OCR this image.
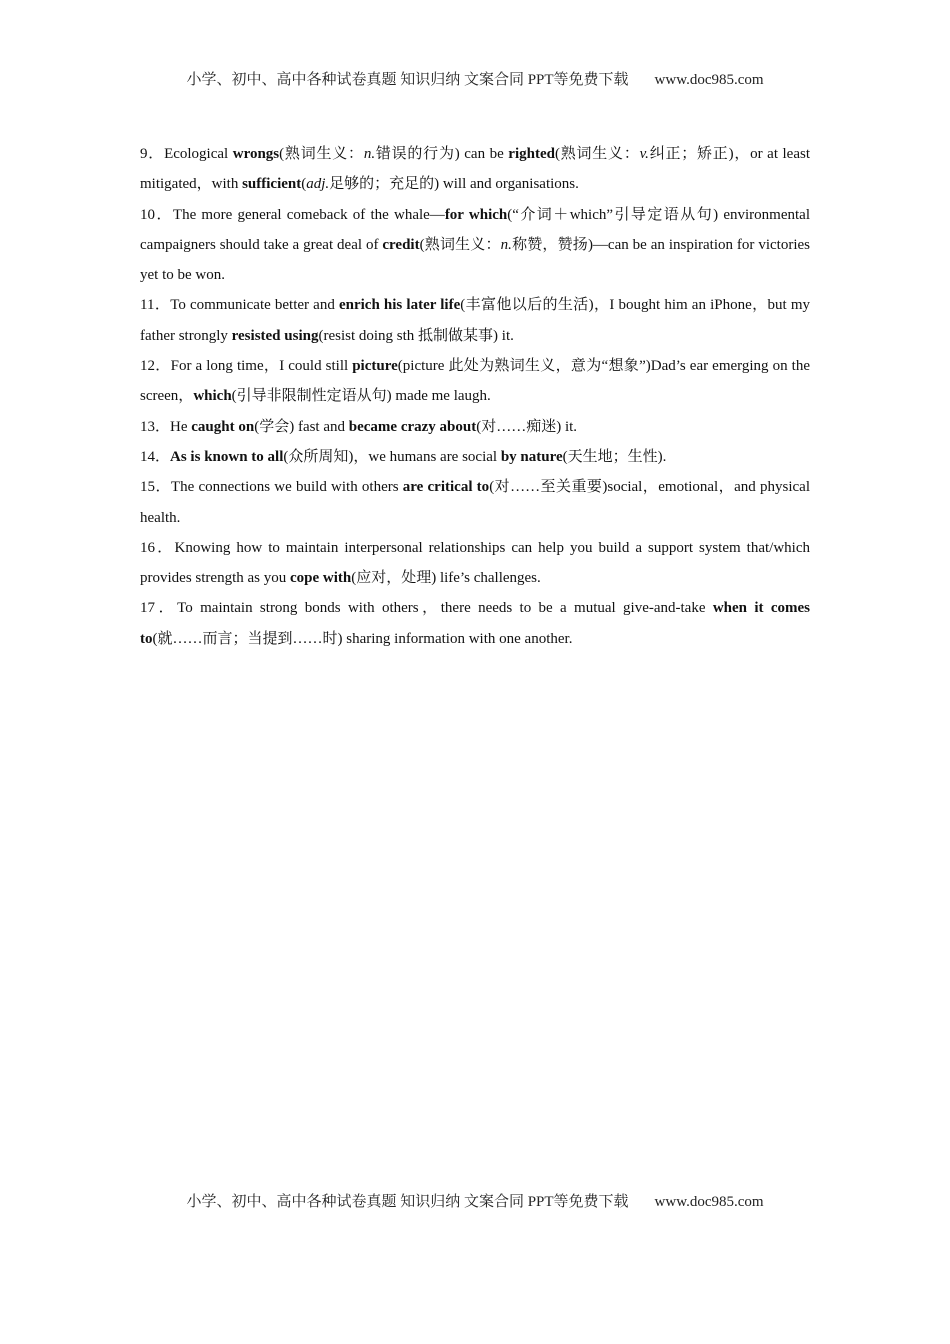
小学、初中、高中各种试卷真题 知识归纳 文案合同 PPT等免费下载 www.doc985.com

9．Ecological wrongs(熟词生义：n.错误的行为) can be righted(熟词生义：v.纠正；矫正)，or at least mitigated，with sufficient(adj.足够的；充足的) will and organisations.

10．The more general comeback of the whale—for which(“介词＋which”引导定语从句) environmental campaigners should take a great deal of credit(熟词生义：n.称赞，赞扬)—can be an inspiration for victories yet to be won.

11．To communicate better and enrich his later life(丰富他以后的生活)，I bought him an iPhone，but my father strongly resisted using(resist doing sth 抵制做某事) it.

12．For a long time，I could still picture(picture 此处为熟词生义，意为“想象”)Dad’s ear emerging on the screen，which(引导非限制性定语从句) made me laugh.

13．He caught on(学会) fast and became crazy about(对……痴迷) it.

14．As is known to all(众所周知)，we humans are social by nature(天生地；生性).

15．The connections we build with others are critical to(对……至关重要)social，emotional，and physical health.

16．Knowing how to maintain interpersonal relationships can help you build a support system that/which provides strength as you cope with(应对，处理) life’s challenges.

17．To maintain strong bonds with others，there needs to be a mutual give-and-take when it comes to(就……而言；当提到……时) sharing information with one another.

小学、初中、高中各种试卷真题 知识归纳 文案合同 PPT等免费下载 www.doc985.com
